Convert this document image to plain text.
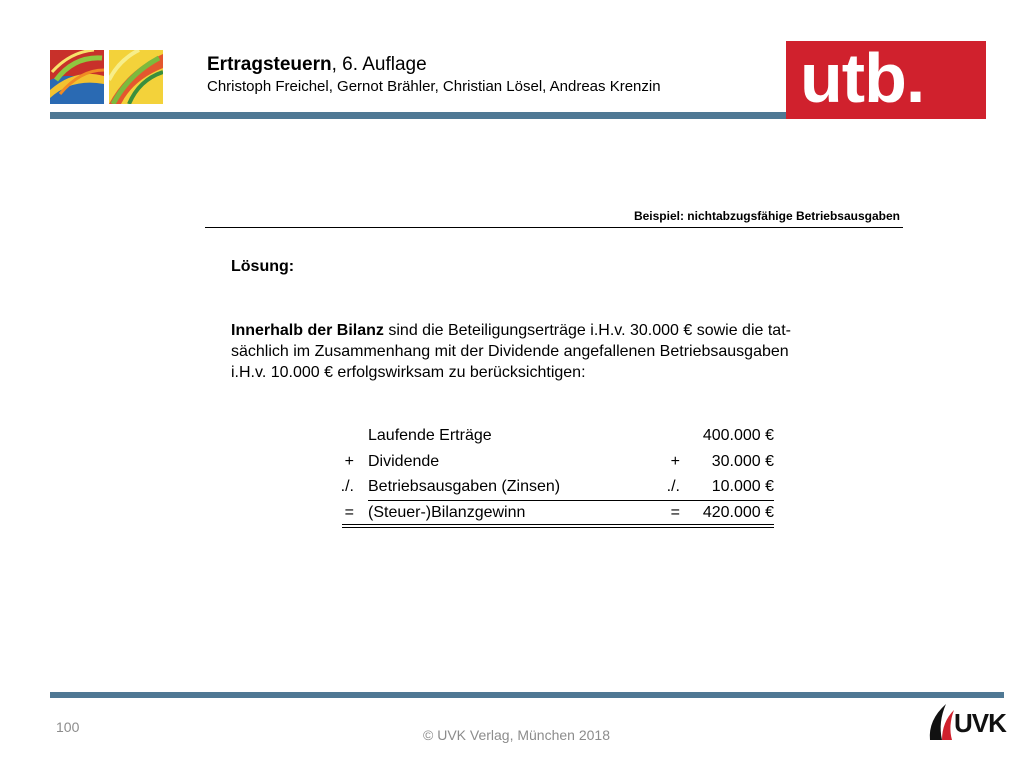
Ertragsteuern, 6. Auflage
Christoph Freichel, Gernot Brähler, Christian Lösel, Andreas Krenzin utb.
Beispiel: nichtabzugsfähige Betriebsausgaben
Lösung:
Innerhalb der Bilanz sind die Beteiligungserträge i.H.v. 30.000 € sowie die tat-
sächlich im Zusammenhang mit der Dividende angefallenen Betriebsausgaben
i.H.v. 10.000 € erfolgswirksam zu berücksichtigen:
Laufende Erträge	400.000 €
+ Dividende	+ 30.000 €
./. Betriebsausgaben (Zinsen)	./. 10.000 €
= (Steuer-)Bilanzgewinn	= 420.000 €
100	© UVK Verlag, München 2018	UVK
